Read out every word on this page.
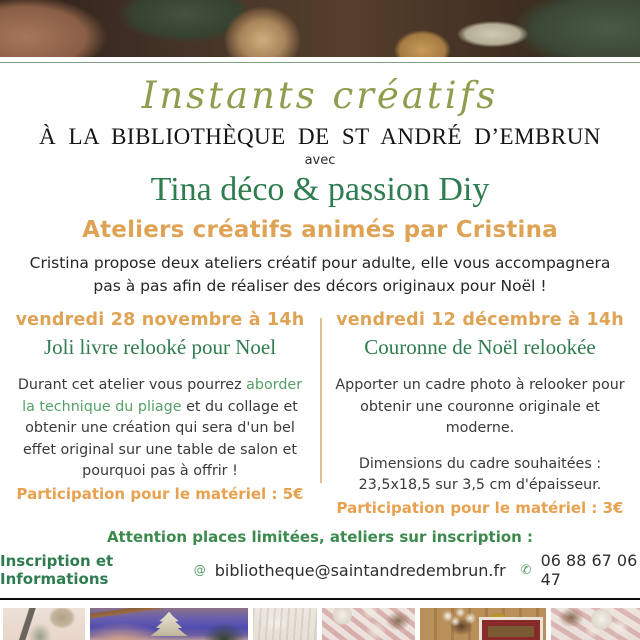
Instants créatifs
À LA BIBLIOTHÈQUE DE ST ANDRÉ D’EMBRUN
avec
Tina déco & passion Diy
Ateliers créatifs animés par Cristina
Cristina propose deux ateliers créatif pour adulte, elle vous accompagnera pas à pas afin de réaliser des décors originaux pour Noël !
vendredi 28 novembre à 14h
Joli livre relooké pour Noel
Durant cet atelier vous pourrez aborder la technique du pliage et du collage et obtenir une création qui sera d'un bel effet original sur une table de salon et
pourquoi pas à offrir !
Participation pour le matériel : 5€
vendredi 12 décembre à 14h
Couronne de Noël relookée
Apporter un cadre photo à relooker pour obtenir une couronne originale et moderne.
Dimensions du cadre souhaitées :
23,5x18,5 sur 3,5 cm d'épaisseur.
Participation pour le matériel : 3€
Attention places limitées, ateliers sur inscription :
Inscription et Informations	@ bibliotheque@saintandredembrun.fr ✆ 06 88 67 06 47
